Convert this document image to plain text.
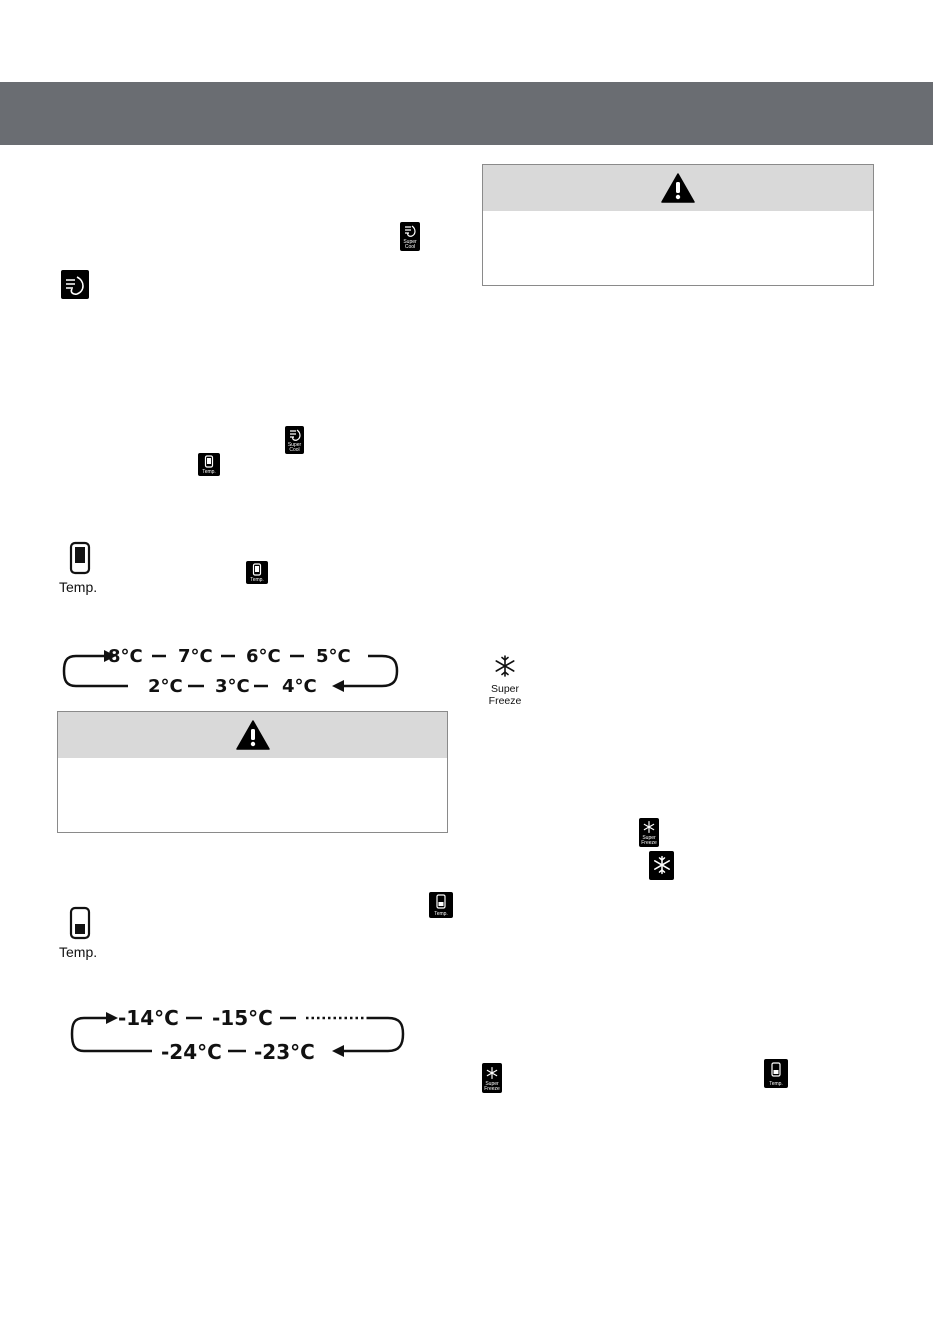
Super Cool
Super Cool
Temp.
Temp.	Temp.
8°C 7°C 6°C 5°C
2°C 3°C 4°C
Temp.
Temp.
-14°C -15°C
-24°C -23°C
Super
Freeze
Super Freeze
Super Freeze
Temp.
